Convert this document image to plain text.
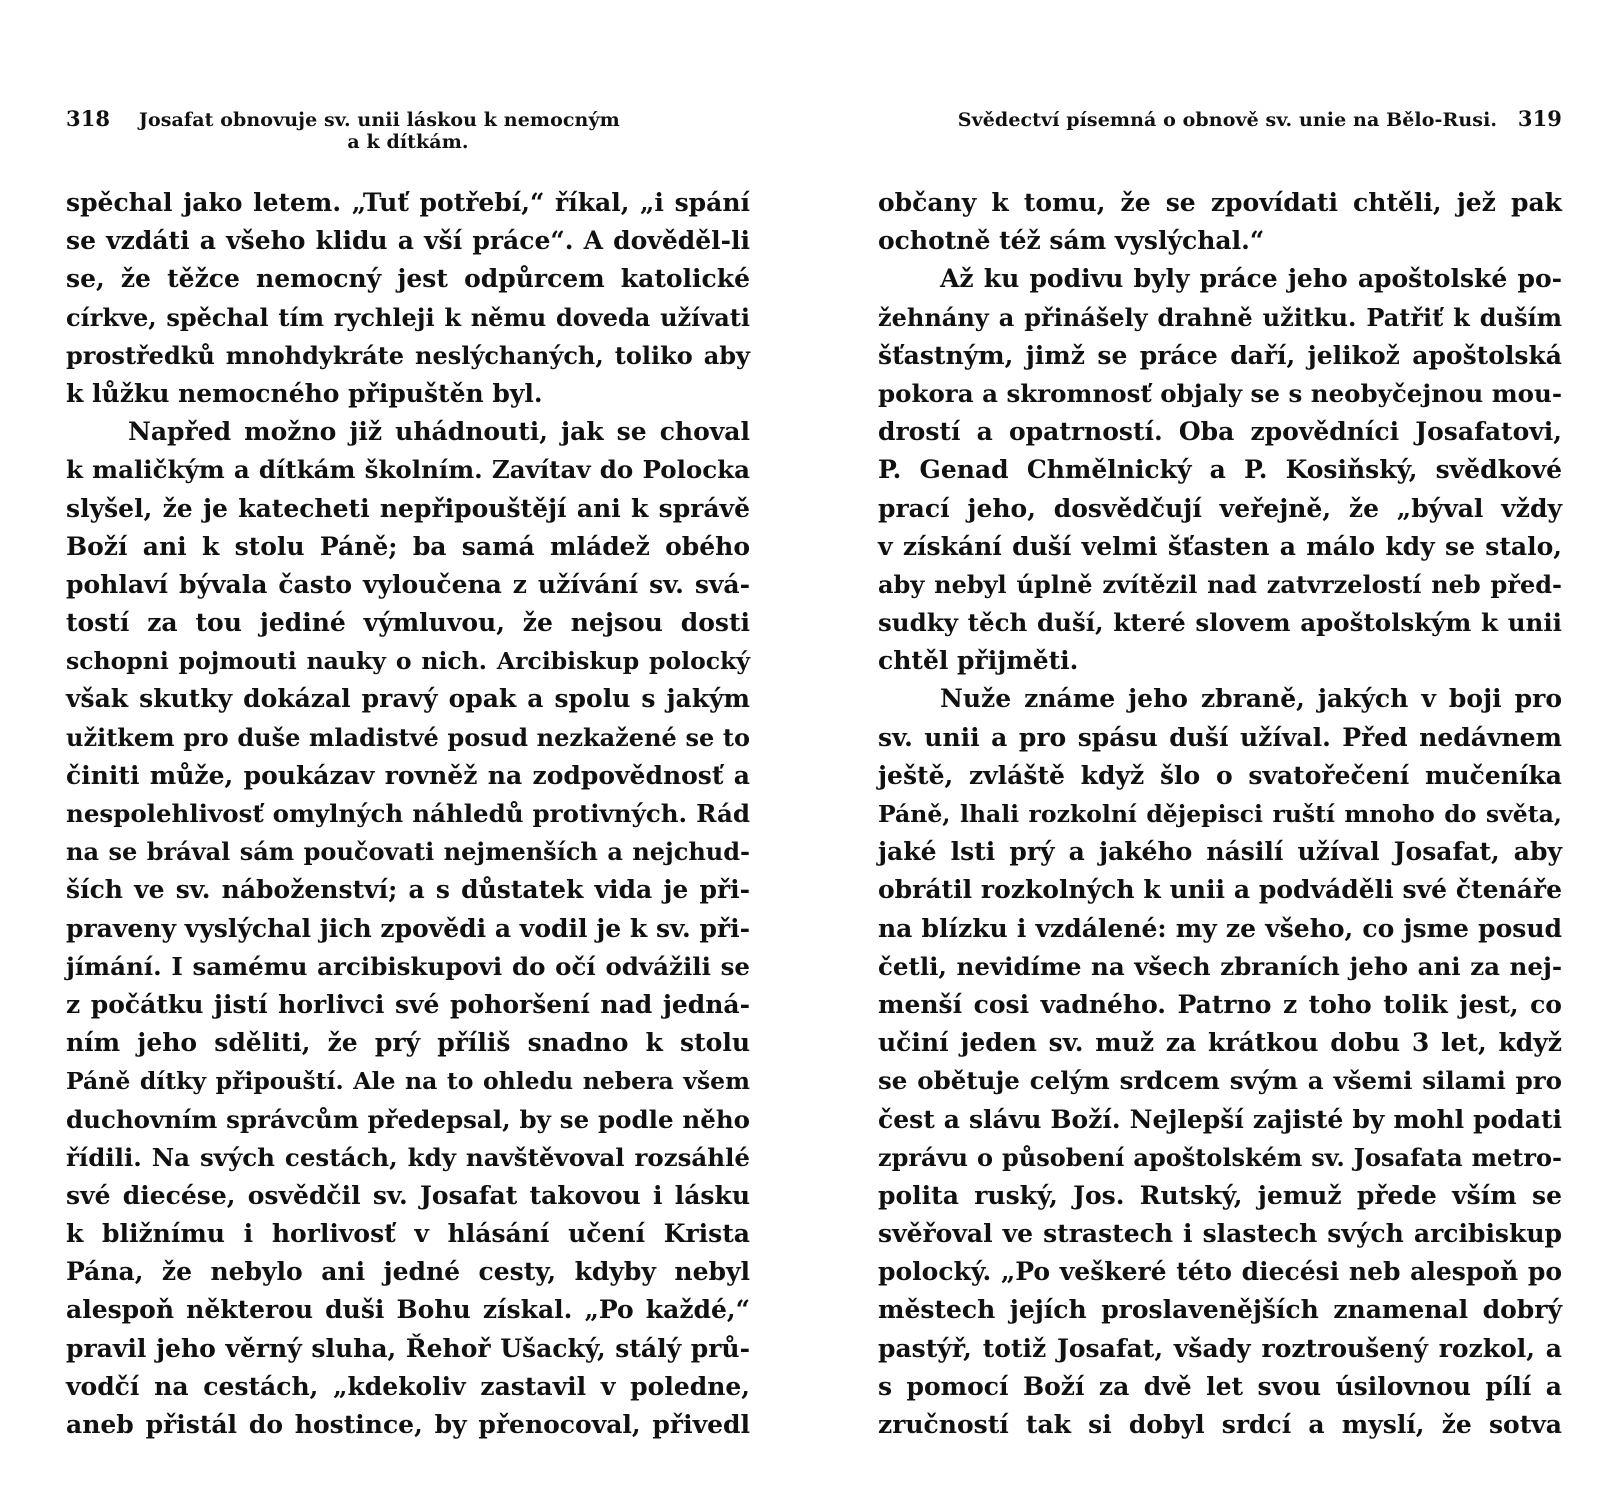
318 Josafat obnovuje sv. unii láskou k nemocným
a k dítkám.
spěchal jako letem. „Tuť potřebí,“ říkal, „i spání
se vzdáti a všeho klidu a vší práce“. A dověděl-li
se, že těžce nemocný jest odpůrcem katolické
církve, spěchal tím rychleji k němu doveda užívati
prostředků mnohdykráte neslýchaných, toliko aby
k lůžku nemocného připuštěn byl.
Napřed možno již uhádnouti, jak se choval
k maličkým a dítkám školním. Zavítav do Polocka
slyšel, že je katecheti nepřipouštějí ani k správě
Boží ani k stolu Páně; ba samá mládež obého
pohlaví bývala často vyloučena z užívání sv. svá-
tostí za tou jediné výmluvou, že nejsou dosti
schopni pojmouti nauky o nich. Arcibiskup polocký
však skutky dokázal pravý opak a spolu s jakým
užitkem pro duše mladistvé posud nezkažené se to
činiti může, poukázav rovněž na zodpovědnosť a
nespolehlivosť omylných náhledů protivných. Rád
na se brával sám poučovati nejmenších a nejchud-
ších ve sv. náboženství; a s důstatek vida je při-
praveny vyslýchal jich zpovědi a vodil je k sv. při-
jímání. I samému arcibiskupovi do očí odvážili se
z počátku jistí horlivci své pohoršení nad jedná-
ním jeho sděliti, že prý příliš snadno k stolu
Páně dítky připouští. Ale na to ohledu nebera všem
duchovním správcům předepsal, by se podle něho
řídili. Na svých cestách, kdy navštěvoval rozsáhlé
své diecése, osvědčil sv. Josafat takovou i lásku
k bližnímu i horlivosť v hlásání učení Krista
Pána, že nebylo ani jedné cesty, kdyby nebyl
alespoň některou duši Bohu získal. „Po každé,“
pravil jeho věrný sluha, Řehoř Ušacký, stálý prů-
vodčí na cestách, „kdekoliv zastavil v poledne,
aneb přistál do hostince, by přenocoval, přivedl
Svědectví písemná o obnově sv. unie na Bělo-Rusi. 319
občany k tomu, že se zpovídati chtěli, jež pak
ochotně též sám vyslýchal.“
Až ku podivu byly práce jeho apoštolské po-
žehnány a přinášely drahně užitku. Patřiť k duším
šťastným, jimž se práce daří, jelikož apoštolská
pokora a skromnosť objaly se s neobyčejnou mou-
drostí a opatrností. Oba zpovědníci Josafatovi,
P. Genad Chmělnický a P. Kosiňský, svědkové
prací jeho, dosvědčují veřejně, že „býval vždy
v získání duší velmi šťasten a málo kdy se stalo,
aby nebyl úplně zvítězil nad zatvrzelostí neb před-
sudky těch duší, které slovem apoštolským k unii
chtěl přijměti.
Nuže známe jeho zbraně, jakých v boji pro
sv. unii a pro spásu duší užíval. Před nedávnem
ještě, zvláště když šlo o svatořečení mučeníka
Páně, lhali rozkolní dějepisci ruští mnoho do světa,
jaké lsti prý a jakého násilí užíval Josafat, aby
obrátil rozkolných k unii a podváděli své čtenáře
na blízku i vzdálené: my ze všeho, co jsme posud
četli, nevidíme na všech zbraních jeho ani za nej-
menší cosi vadného. Patrno z toho tolik jest, co
učiní jeden sv. muž za krátkou dobu 3 let, když
se obětuje celým srdcem svým a všemi silami pro
čest a slávu Boží. Nejlepší zajisté by mohl podati
zprávu o působení apoštolském sv. Josafata metro-
polita ruský, Jos. Rutský, jemuž přede vším se
svěřoval ve strastech i slastech svých arcibiskup
polocký. „Po veškeré této diecési neb alespoň po
městech jejích proslavenějších znamenal dobrý
pastýř, totiž Josafat, všady roztroušený rozkol, a
s pomocí Boží za dvě let svou úsilovnou pílí a
zručností tak si dobyl srdcí a myslí, že sotva
